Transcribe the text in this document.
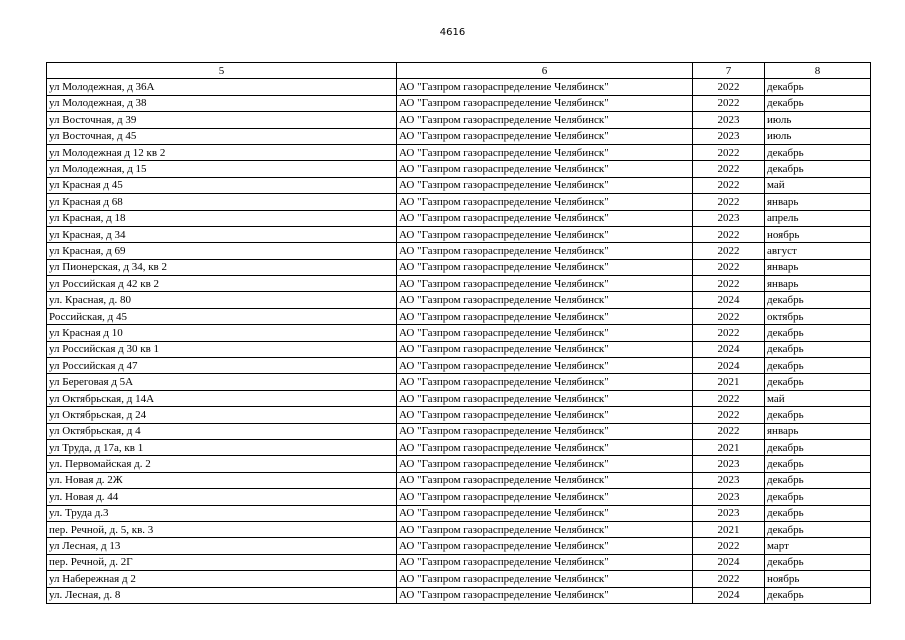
4616
5	6	7	8
ул Молодежная, д 36А	АО "Газпром газораспределение Челябинск"	2022	декабрь
ул Молодежная, д 38	АО "Газпром газораспределение Челябинск"	2022	декабрь
ул Восточная, д 39	АО "Газпром газораспределение Челябинск"	2023	июль
ул Восточная, д 45	АО "Газпром газораспределение Челябинск"	2023	июль
ул Молодежная д 12 кв 2	АО "Газпром газораспределение Челябинск"	2022	декабрь
ул Молодежная, д 15	АО "Газпром газораспределение Челябинск"	2022	декабрь
ул Красная д 45	АО "Газпром газораспределение Челябинск"	2022	май
ул Красная д 68	АО "Газпром газораспределение Челябинск"	2022	январь
ул Красная, д 18	АО "Газпром газораспределение Челябинск"	2023	апрель
ул Красная, д 34	АО "Газпром газораспределение Челябинск"	2022	ноябрь
ул Красная, д 69	АО "Газпром газораспределение Челябинск"	2022	август
ул Пионерская, д 34, кв 2	АО "Газпром газораспределение Челябинск"	2022	январь
ул Российская д 42 кв 2	АО "Газпром газораспределение Челябинск"	2022	январь
ул. Красная, д. 80	АО "Газпром газораспределение Челябинск"	2024	декабрь
Российская, д 45	АО "Газпром газораспределение Челябинск"	2022	октябрь
ул Красная д 10	АО "Газпром газораспределение Челябинск"	2022	декабрь
ул Российская д 30 кв 1	АО "Газпром газораспределение Челябинск"	2024	декабрь
ул Российская д 47	АО "Газпром газораспределение Челябинск"	2024	декабрь
ул Береговая д 5А	АО "Газпром газораспределение Челябинск"	2021	декабрь
ул Октябрьская, д 14А	АО "Газпром газораспределение Челябинск"	2022	май
ул Октябрьская, д 24	АО "Газпром газораспределение Челябинск"	2022	декабрь
ул Октябрьская, д 4	АО "Газпром газораспределение Челябинск"	2022	январь
ул Труда, д 17а, кв 1	АО "Газпром газораспределение Челябинск"	2021	декабрь
ул. Первомайская д. 2	АО "Газпром газораспределение Челябинск"	2023	декабрь
ул. Новая д. 2Ж	АО "Газпром газораспределение Челябинск"	2023	декабрь
ул. Новая д. 44	АО "Газпром газораспределение Челябинск"	2023	декабрь
ул. Труда д.3	АО "Газпром газораспределение Челябинск"	2023	декабрь
пер. Речной, д. 5, кв. 3	АО "Газпром газораспределение Челябинск"	2021	декабрь
ул Лесная, д 13	АО "Газпром газораспределение Челябинск"	2022	март
пер. Речной, д. 2Г	АО "Газпром газораспределение Челябинск"	2024	декабрь
ул Набережная д 2	АО "Газпром газораспределение Челябинск"	2022	ноябрь
ул. Лесная, д. 8	АО "Газпром газораспределение Челябинск"	2024	декабрь
